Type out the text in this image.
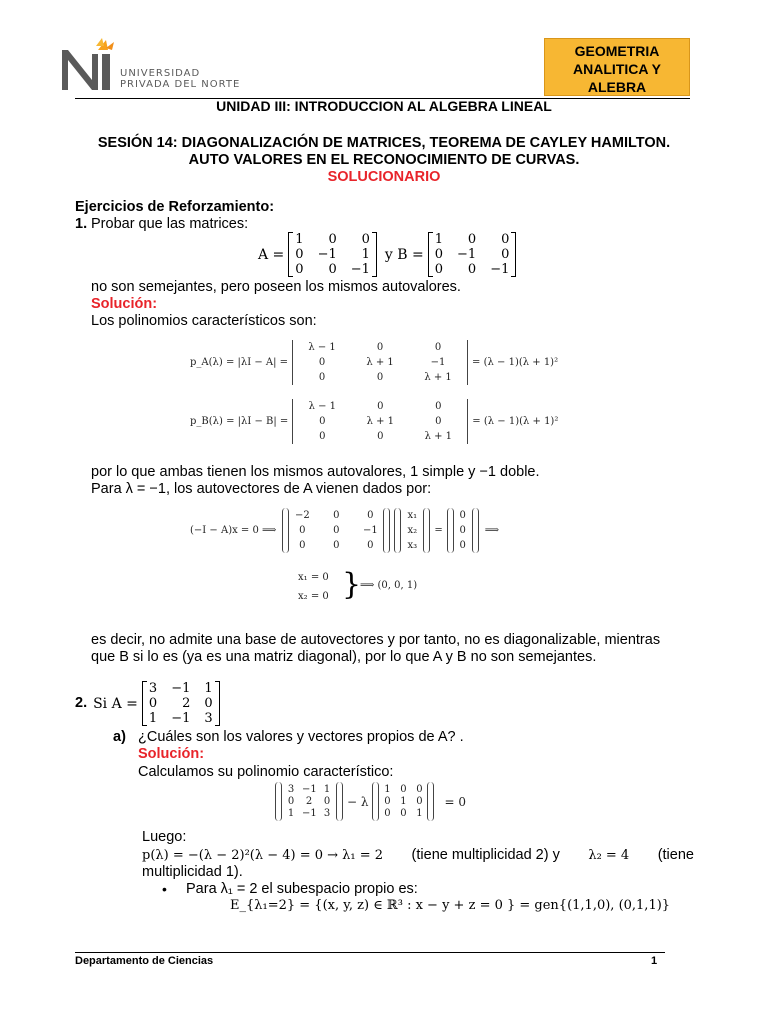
UNIVERSIDAD
PRIVADA DEL NORTE
GEOMETRIA
ANALITICA Y
ALEBRA
UNIDAD III: INTRODUCCION AL ALGEBRA LINEAL
SESIÓN 14: DIAGONALIZACIÓN DE MATRICES, TEOREMA DE CAYLEY HAMILTON.
AUTO VALORES EN EL RECONOCIMIENTO DE CURVAS.
SOLUCIONARIO
Ejercicios de Reforzamiento:
1. Probar que las matrices:
A =
1	0	0
0 −1	1
0	0 −1
y B =
1	0	0
0 −1	0
0	0 −1
no son semejantes, pero poseen los mismos autovalores.
Solución:
Los polinomios característicos son:
p_A(λ) = |λI − A| =
λ − 1	0	0
0	λ + 1	−1
0	0	λ + 1
= (λ − 1)(λ + 1)²
p_B(λ) = |λI − B| =
λ − 1	0	0
0	λ + 1	0
0	0	λ + 1
= (λ − 1)(λ + 1)²
por lo que ambas tienen los mismos autovalores, 1 simple y −1 doble.
Para λ = −1, los autovectores de A vienen dados por:
(−I − A)x = 0 ⟹
−2	0	0
0	0	−1
0	0	0
x₁
x₂
x₃
=
0
0
0
⟹
x₁ = 0
x₂ = 0 }
⟹ (0, 0, 1)
es decir, no admite una base de autovectores y por tanto, no es diagonalizable, mientras
que B si lo es (ya es una matriz diagonal), por lo que A y B no son semejantes.
2. Si A =
3 −1 1
0	2 0
1 −1 3
a) ¿Cuáles son los valores y vectores propios de A? .
Solución:
Calculamos su polinomio característico:
3 −1 1
0	2	0
1 −1 3
− λ
1 0 0
0 1 0
0 0 1
= 0
Luego:
p(λ) = −(λ − 2)²(λ − 4) = 0 → λ₁ = 2 (tiene multiplicidad 2) y λ₂ = 4 (tiene
multiplicidad 1).
• Para λ₁ = 2 el subespacio propio es:
E_{λ₁=2} = {(x, y, z) ∈ ℝ³ : x − y + z = 0 } = gen{(1,1,0), (0,1,1)}
Departamento de Ciencias	1
